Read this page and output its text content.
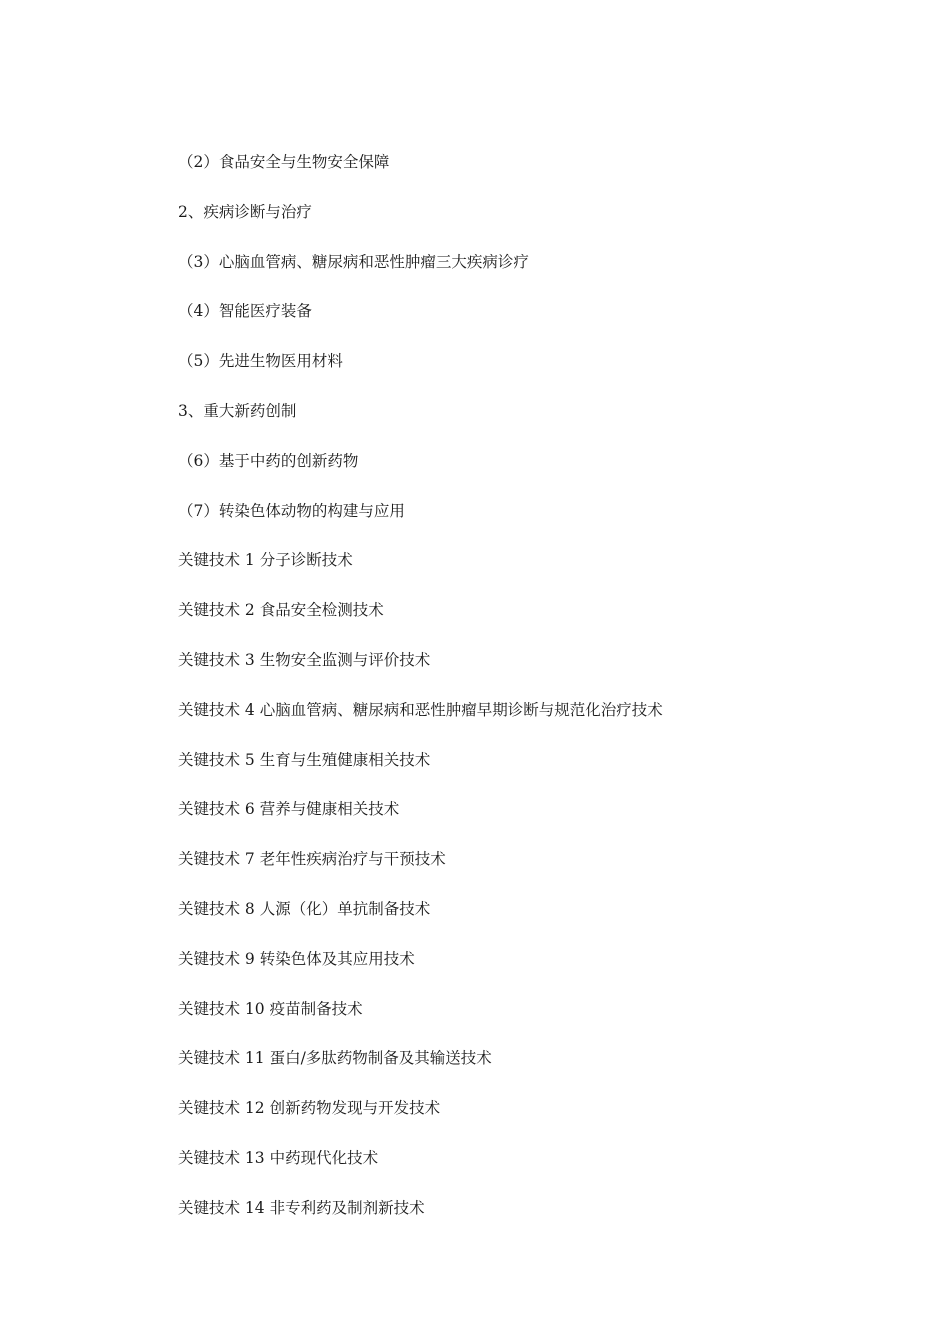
（2）食品安全与生物安全保障
2、疾病诊断与治疗
（3）心脑血管病、糖尿病和恶性肿瘤三大疾病诊疗
（4）智能医疗装备
（5）先进生物医用材料
3、重大新药创制
（6）基于中药的创新药物
（7）转染色体动物的构建与应用
关键技术 1 分子诊断技术
关键技术 2 食品安全检测技术
关键技术 3 生物安全监测与评价技术
关键技术 4 心脑血管病、糖尿病和恶性肿瘤早期诊断与规范化治疗技术
关键技术 5 生育与生殖健康相关技术
关键技术 6 营养与健康相关技术
关键技术 7 老年性疾病治疗与干预技术
关键技术 8 人源（化）单抗制备技术
关键技术 9 转染色体及其应用技术
关键技术 10 疫苗制备技术
关键技术 11 蛋白/多肽药物制备及其输送技术
关键技术 12 创新药物发现与开发技术
关键技术 13 中药现代化技术
关键技术 14 非专利药及制剂新技术
